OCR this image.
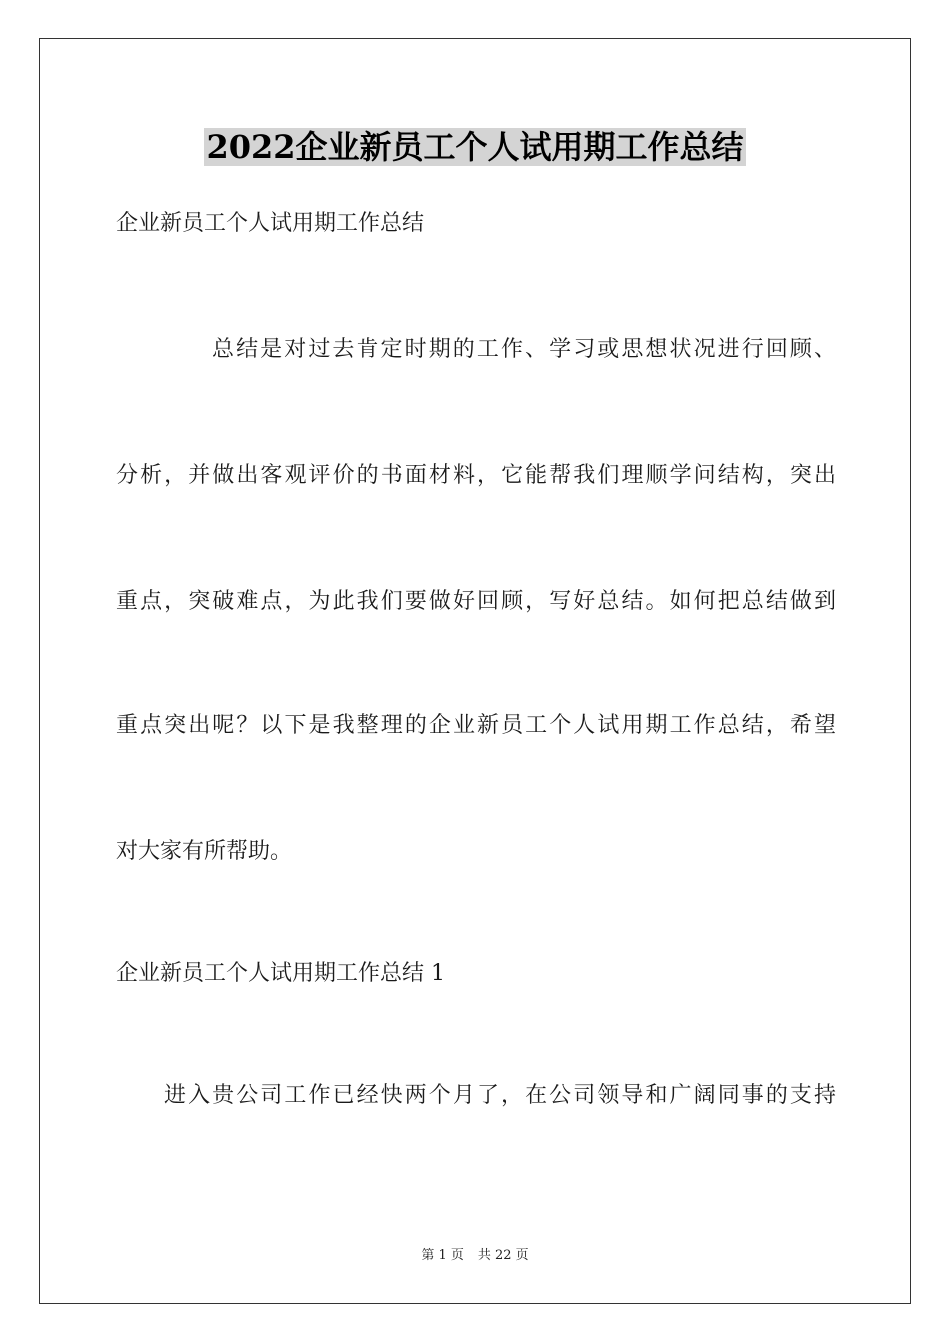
2022企业新员工个人试用期工作总结
企业新员工个人试用期工作总结
总结是对过去肯定时期的工作、学习或思想状况进行回顾、
分析，并做出客观评价的书面材料，它能帮我们理顺学问结构，突出
重点，突破难点，为此我们要做好回顾，写好总结。如何把总结做到
重点突出呢？以下是我整理的企业新员工个人试用期工作总结，希望
对大家有所帮助。
企业新员工个人试用期工作总结 1
进入贵公司工作已经快两个月了，在公司领导和广阔同事的支持
第 1 页 共 22 页
